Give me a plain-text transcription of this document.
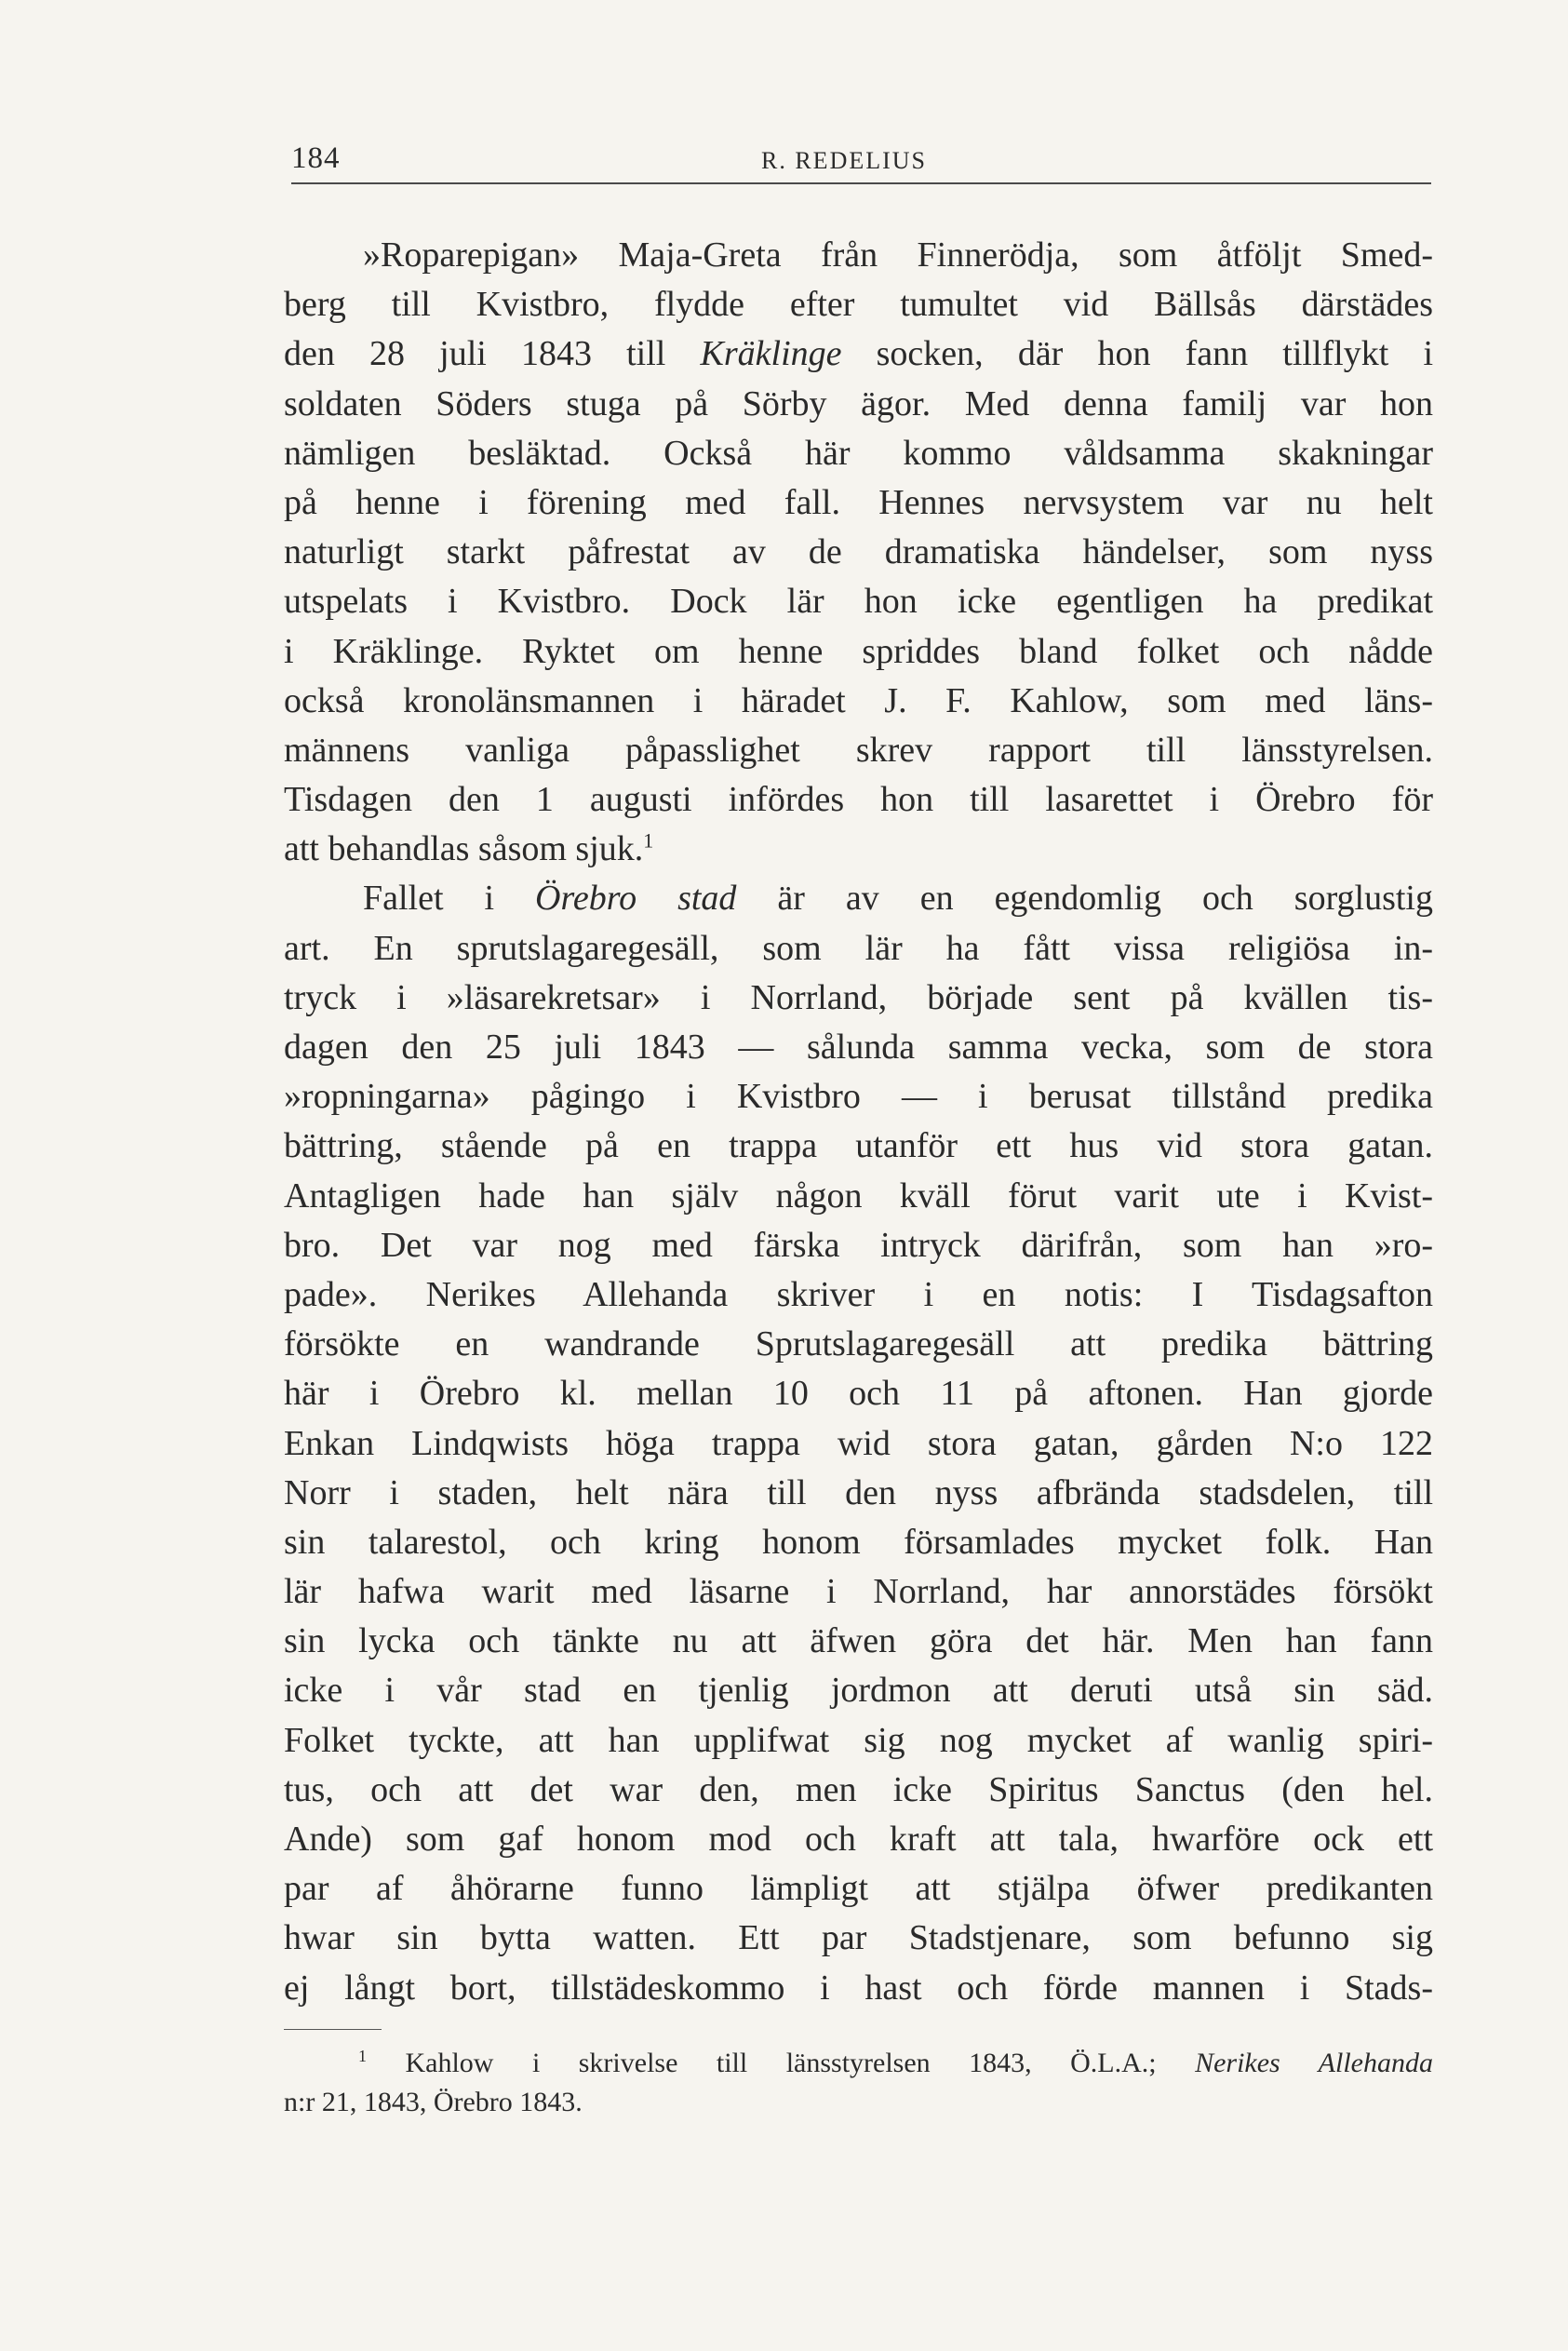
184	R. REDELIUS
»Roparepigan» Maja-Greta från Finnerödja, som åtföljt Smed-
berg till Kvistbro, flydde efter tumultet vid Bällsås därstädes
den 28 juli 1843 till Kräklinge socken, där hon fann tillflykt i
soldaten Söders stuga på Sörby ägor. Med denna familj var hon
nämligen besläktad. Också här kommo våldsamma skakningar
på henne i förening med fall. Hennes nervsystem var nu helt
naturligt starkt påfrestat av de dramatiska händelser, som nyss
utspelats i Kvistbro. Dock lär hon icke egentligen ha predikat
i Kräklinge. Ryktet om henne spriddes bland folket och nådde
också kronolänsmannen i häradet J. F. Kahlow, som med läns-
männens vanliga påpasslighet skrev rapport till länsstyrelsen.
Tisdagen den 1 augusti infördes hon till lasarettet i Örebro för
att behandlas såsom sjuk.$^1$
Fallet i Örebro stad är av en egendomlig och sorglustig
art. En sprutslagaregesäll, som lär ha fått vissa religiösa in-
tryck i »läsarekretsar» i Norrland, började sent på kvällen tis-
dagen den 25 juli 1843 — sålunda samma vecka, som de stora
»ropningarna» pågingo i Kvistbro — i berusat tillstånd predika
bättring, stående på en trappa utanför ett hus vid stora gatan.
Antagligen hade han själv någon kväll förut varit ute i Kvist-
bro. Det var nog med färska intryck därifrån, som han »ro-
pade». Nerikes Allehanda skriver i en notis: I Tisdagsafton
försökte en wandrande Sprutslagaregesäll att predika bättring
här i Örebro kl. mellan 10 och 11 på aftonen. Han gjorde
Enkan Lindqwists höga trappa wid stora gatan, gården N:o 122
Norr i staden, helt nära till den nyss afbrända stadsdelen, till
sin talarestol, och kring honom församlades mycket folk. Han
lär hafwa warit med läsarne i Norrland, har annorstädes försökt
sin lycka och tänkte nu att äfwen göra det här. Men han fann
icke i vår stad en tjenlig jordmon att deruti utså sin säd.
Folket tyckte, att han upplifwat sig nog mycket af wanlig spiri-
tus, och att det war den, men icke Spiritus Sanctus (den hel.
Ande) som gaf honom mod och kraft att tala, hwarföre ock ett
par af åhörarne funno lämpligt att stjälpa öfwer predikanten
hwar sin bytta watten. Ett par Stadstjenare, som befunno sig
ej långt bort, tillstädeskommo i hast och förde mannen i Stads-
$^1$ Kahlow i skrivelse till länsstyrelsen 1843, Ö.L.A.; Nerikes Allehanda
n:r 21, 1843, Örebro 1843.
